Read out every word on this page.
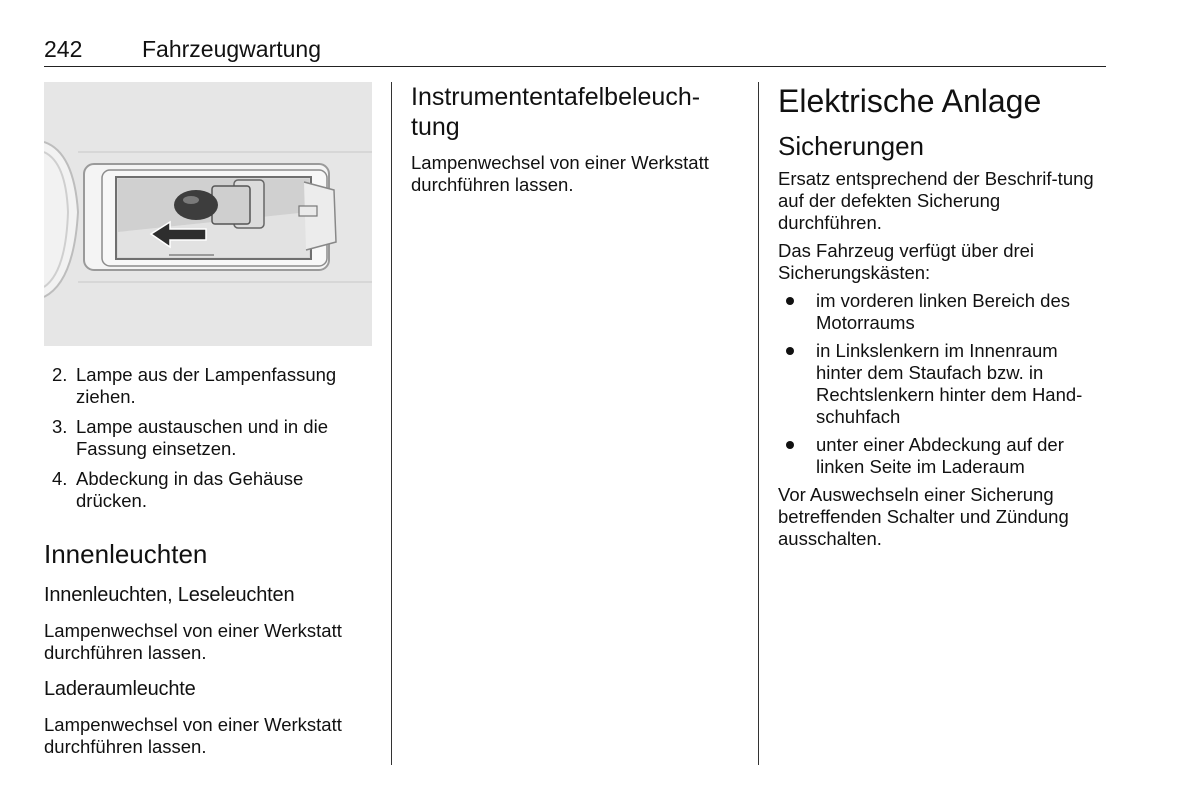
242	Fahrzeugwartung
2. Lampe aus der Lampenfassung ziehen.
3. Lampe austauschen und in die Fassung einsetzen.
4. Abdeckung in das Gehäuse drücken.
Innenleuchten
Innenleuchten, Leseleuchten

Lampenwechsel von einer Werkstatt durchführen lassen.

Laderaumleuchte

Lampenwechsel von einer Werkstatt durchführen lassen.

Instrumententafelbeleuch-tung

Lampenwechsel von einer Werkstatt durchführen lassen.

Elektrische Anlage
Sicherungen

Ersatz entsprechend der Beschrif-tung auf der defekten Sicherung durchführen.

Das Fahrzeug verfügt über drei Sicherungskästen:

im vorderen linken Bereich des Motorraums
in Linkslenkern im Innenraum hinter dem Staufach bzw. in Rechtslenkern hinter dem Hand-schuhfach
unter einer Abdeckung auf der linken Seite im Laderaum

Vor Auswechseln einer Sicherung betreffenden Schalter und Zündung ausschalten.
